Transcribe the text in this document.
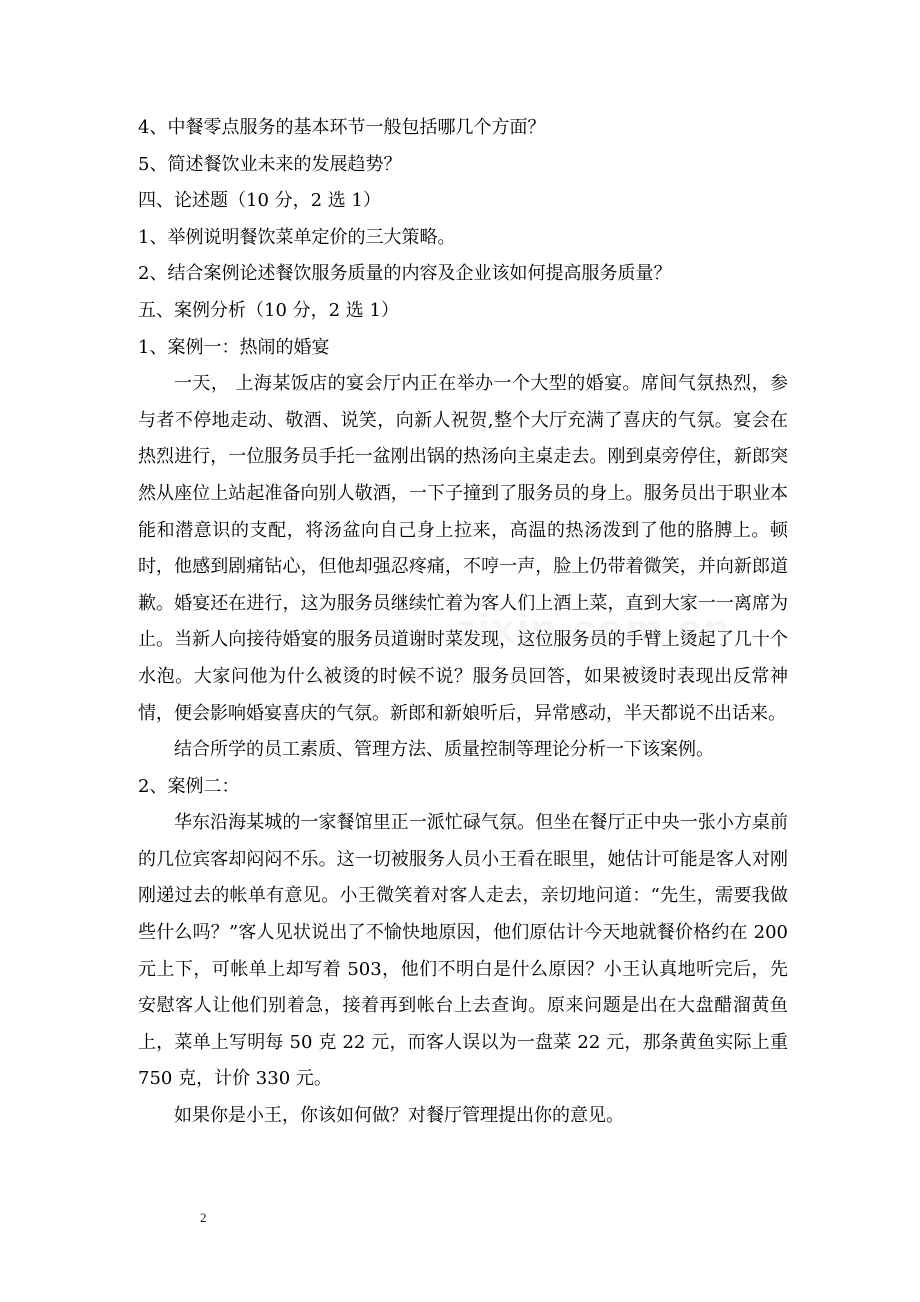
4、中餐零点服务的基本环节一般包括哪几个方面？

5、简述餐饮业未来的发展趋势？

四、论述题（10 分，2 选 1）

1、举例说明餐饮菜单定价的三大策略。

2、结合案例论述餐饮服务质量的内容及企业该如何提高服务质量？

五、案例分析（10 分，2 选 1）

1、案例一：热闹的婚宴

一天， 上海某饭店的宴会厅内正在举办一个大型的婚宴。席间气氛热烈，参与者不停地走动、敬酒、说笑，向新人祝贺,整个大厅充满了喜庆的气氛。宴会在热烈进行，一位服务员手托一盆刚出锅的热汤向主桌走去。刚到桌旁停住，新郎突然从座位上站起准备向别人敬酒，一下子撞到了服务员的身上。服务员出于职业本能和潜意识的支配，将汤盆向自己身上拉来，高温的热汤泼到了他的胳膊上。顿时，他感到剧痛钻心，但他却强忍疼痛，不哼一声，脸上仍带着微笑，并向新郎道歉。婚宴还在进行，这为服务员继续忙着为客人们上酒上菜，直到大家一一离席为止。当新人向接待婚宴的服务员道谢时菜发现，这位服务员的手臂上烫起了几十个水泡。大家问他为什么被烫的时候不说？服务员回答，如果被烫时表现出反常神情，便会影响婚宴喜庆的气氛。新郎和新娘听后，异常感动，半天都说不出话来。

结合所学的员工素质、管理方法、质量控制等理论分析一下该案例。

2、案例二：

华东沿海某城的一家餐馆里正一派忙碌气氛。但坐在餐厅正中央一张小方桌前的几位宾客却闷闷不乐。这一切被服务人员小王看在眼里，她估计可能是客人对刚刚递过去的帐单有意见。小王微笑着对客人走去，亲切地问道：“先生，需要我做些什么吗？”客人见状说出了不愉快地原因，他们原估计今天地就餐价格约在 200 元上下，可帐单上却写着 503，他们不明白是什么原因？小王认真地听完后，先安慰客人让他们别着急，接着再到帐台上去查询。原来问题是出在大盘醋溜黄鱼上，菜单上写明每 50 克 22 元，而客人误以为一盘菜 22 元，那条黄鱼实际上重 750 克，计价 330 元。

如果你是小王，你该如何做？对餐厅管理提出你的意见。

2
